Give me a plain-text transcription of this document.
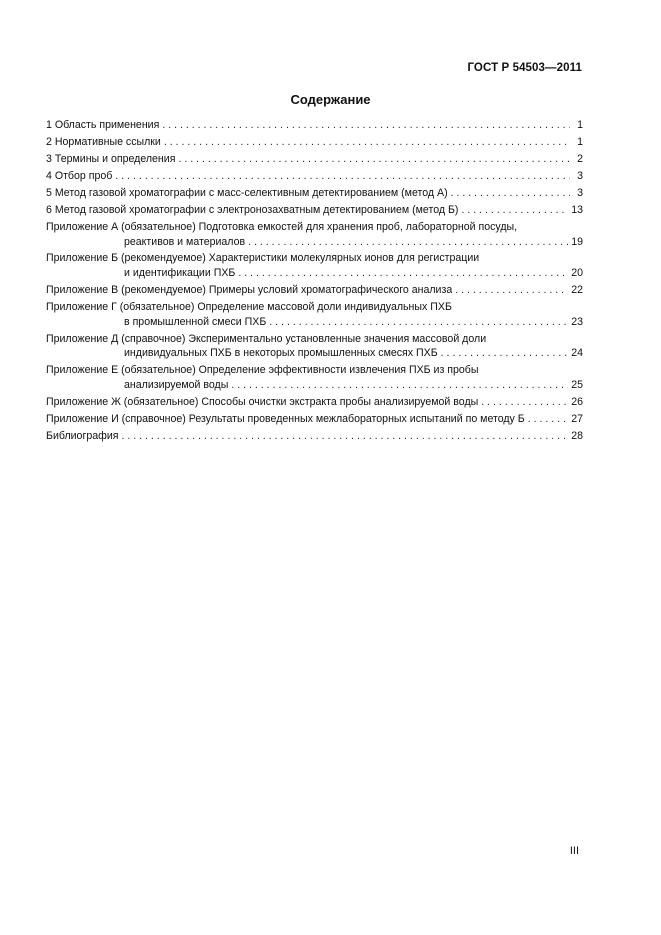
ГОСТ Р 54503—2011
Содержание
1 Область применения . . .	1
2 Нормативные ссылки . . .	1
3 Термины и определения . . .	2
4 Отбор проб . . .	3
5 Метод газовой хроматографии с масс-селективным детектированием (метод А) . . .	3
6 Метод газовой хроматографии с электронозахватным детектированием (метод Б) . . .	13
Приложение А (обязательное) Подготовка емкостей для хранения проб, лабораторной посуды,
реактивов и материалов . . .	19
Приложение Б (рекомендуемое) Характеристики молекулярных ионов для регистрации
и идентификации ПХБ . . .	20
Приложение В (рекомендуемое) Примеры условий хроматографического анализа . . .	22
Приложение Г (обязательное) Определение массовой доли индивидуальных ПХБ
в промышленной смеси ПХБ . . .	23
Приложение Д (справочное) Экспериментально установленные значения массовой доли
индивидуальных ПХБ в некоторых промышленных смесях ПХБ . . .	24
Приложение Е (обязательное) Определение эффективности извлечения ПХБ из пробы
анализируемой воды . . .	25
Приложение Ж (обязательное) Способы очистки экстракта пробы анализируемой воды . . .	26
Приложение И (справочное) Результаты проведенных межлабораторных испытаний по методу Б . . .	27
Библиография . . .	28
III
